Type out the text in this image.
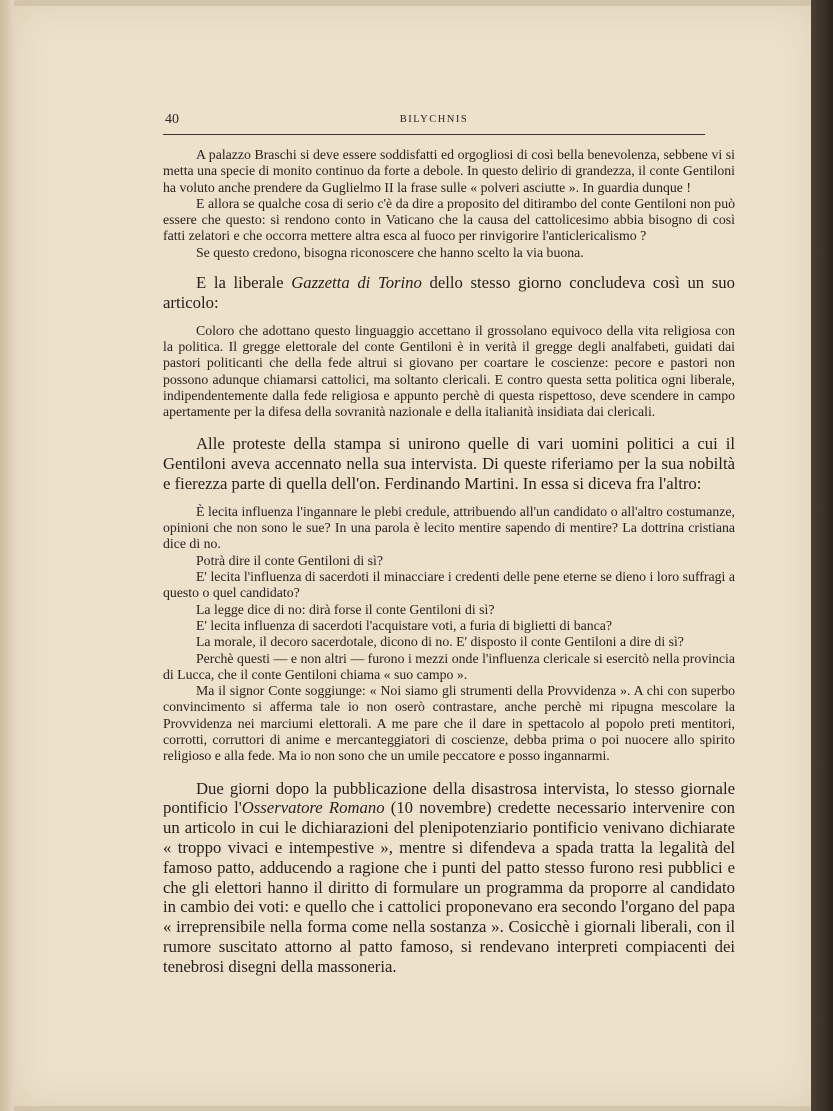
40	BILYCHNIS

A palazzo Braschi si deve essere soddisfatti ed orgogliosi di così bella benevolenza, sebbene vi si metta una specie di monito continuo da forte a debole. In questo delirio di grandezza, il conte Gentiloni ha voluto anche prendere da Guglielmo II la frase sulle « polveri asciutte ». In guardia dunque !

E allora se qualche cosa di serio c'è da dire a proposito del ditirambo del conte Gentiloni non può essere che questo: si rendono conto in Vaticano che la causa del cattolicesimo abbia bisogno di così fatti zelatori e che occorra mettere altra esca al fuoco per rinvigorire l'anticlericalismo ?

Se questo credono, bisogna riconoscere che hanno scelto la via buona.

E la liberale Gazzetta di Torino dello stesso giorno concludeva così un suo articolo:

Coloro che adottano questo linguaggio accettano il grossolano equivoco della vita religiosa con la politica. Il gregge elettorale del conte Gentiloni è in verità il gregge degli analfabeti, guidati dai pastori politicanti che della fede altrui si giovano per coartare le coscienze: pecore e pastori non possono adunque chiamarsi cattolici, ma soltanto clericali. E contro questa setta politica ogni liberale, indipendentemente dalla fede religiosa e appunto perchè di questa rispettoso, deve scendere in campo apertamente per la difesa della sovranità nazionale e della italianità insidiata dai clericali.

Alle proteste della stampa si unirono quelle di vari uomini politici a cui il Gentiloni aveva accennato nella sua intervista. Di queste riferiamo per la sua nobiltà e fierezza parte di quella dell'on. Ferdinando Martini. In essa si diceva fra l'altro:

È lecita influenza l'ingannare le plebi credule, attribuendo all'un candidato o all'altro costumanze, opinioni che non sono le sue? In una parola è lecito mentire sapendo di mentire? La dottrina cristiana dice di no.

Potrà dire il conte Gentiloni di sì?

E' lecita l'influenza di sacerdoti il minacciare i credenti delle pene eterne se dieno i loro suffragi a questo o quel candidato?

La legge dice di no: dirà forse il conte Gentiloni di sì?

E' lecita influenza di sacerdoti l'acquistare voti, a furia di biglietti di banca?

La morale, il decoro sacerdotale, dicono di no. E' disposto il conte Gentiloni a dire di sì?

Perchè questi — e non altri — furono i mezzi onde l'influenza clericale si esercitò nella provincia di Lucca, che il conte Gentiloni chiama « suo campo ».

Ma il signor Conte soggiunge: « Noi siamo gli strumenti della Provvidenza ». A chi con superbo convincimento si afferma tale io non oserò contrastare, anche perchè mi ripugna mescolare la Provvidenza nei marciumi elettorali. A me pare che il dare in spettacolo al popolo preti mentitori, corrotti, corruttori di anime e mercanteggiatori di coscienze, debba prima o poi nuocere allo spirito religioso e alla fede. Ma io non sono che un umile peccatore e posso ingannarmi.

Due giorni dopo la pubblicazione della disastrosa intervista, lo stesso giornale pontificio l'Osservatore Romano (10 novembre) credette necessario intervenire con un articolo in cui le dichiarazioni del plenipotenziario pontificio venivano dichiarate « troppo vivaci e intempestive », mentre si difendeva a spada tratta la legalità del famoso patto, adducendo a ragione che i punti del patto stesso furono resi pubblici e che gli elettori hanno il diritto di formulare un programma da proporre al candidato in cambio dei voti: e quello che i cattolici proponevano era secondo l'organo del papa « irreprensibile nella forma come nella sostanza ». Cosicchè i giornali liberali, con il rumore suscitato attorno al patto famoso, si rendevano interpreti compiacenti dei tenebrosi disegni della massoneria.
